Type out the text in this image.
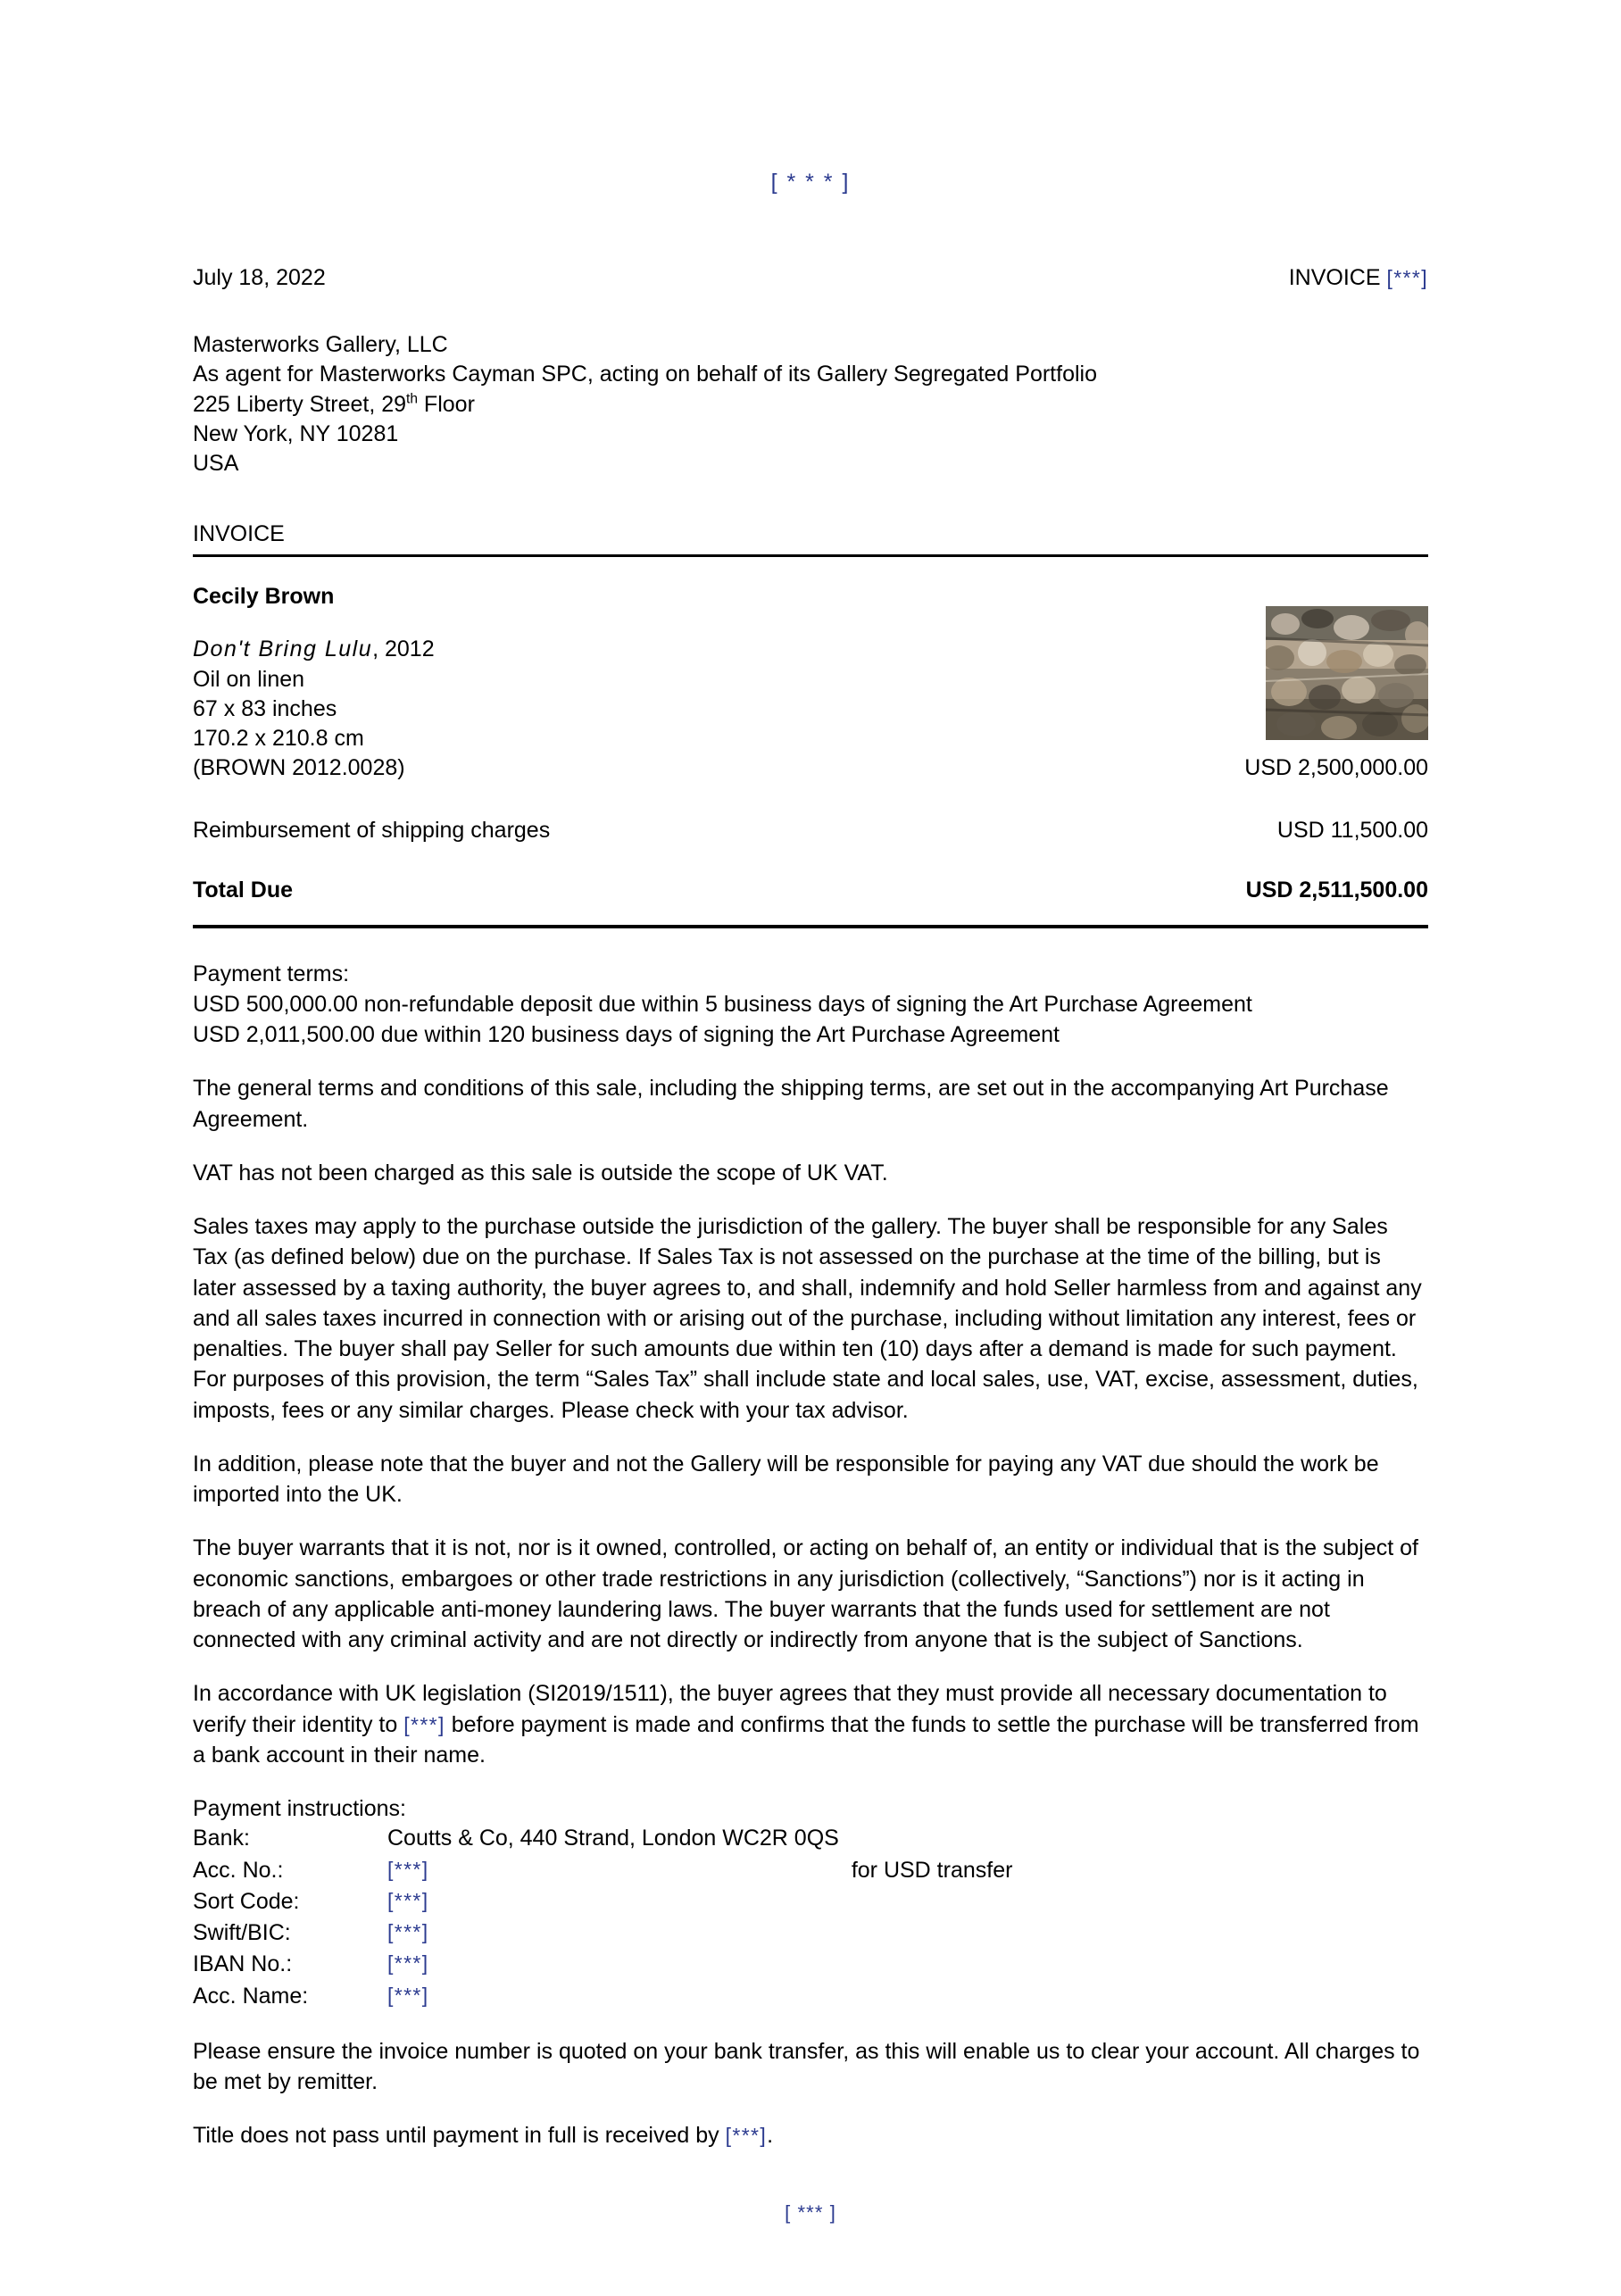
[ * * * ]
July 18, 2022	INVOICE [***]
Masterworks Gallery, LLC
As agent for Masterworks Cayman SPC, acting on behalf of its Gallery Segregated Portfolio
225 Liberty Street, 29th Floor
New York, NY 10281
USA
INVOICE
Cecily Brown
Don't Bring Lulu, 2012
Oil on linen
67 x 83 inches
170.2 x 210.8 cm
(BROWN 2012.0028)	USD 2,500,000.00
Reimbursement of shipping charges	USD 11,500.00
Total Due	USD 2,511,500.00

Payment terms:
USD 500,000.00 non-refundable deposit due within 5 business days of signing the Art Purchase Agreement
USD 2,011,500.00 due within 120 business days of signing the Art Purchase Agreement

The general terms and conditions of this sale, including the shipping terms, are set out in the accompanying Art Purchase Agreement.

VAT has not been charged as this sale is outside the scope of UK VAT.

Sales taxes may apply to the purchase outside the jurisdiction of the gallery. The buyer shall be responsible for any Sales Tax (as defined below) due on the purchase. If Sales Tax is not assessed on the purchase at the time of the billing, but is later assessed by a taxing authority, the buyer agrees to, and shall, indemnify and hold Seller harmless from and against any and all sales taxes incurred in connection with or arising out of the purchase, including without limitation any interest, fees or penalties. The buyer shall pay Seller for such amounts due within ten (10) days after a demand is made for such payment. For purposes of this provision, the term “Sales Tax” shall include state and local sales, use, VAT, excise, assessment, duties, imposts, fees or any similar charges. Please check with your tax advisor.

In addition, please note that the buyer and not the Gallery will be responsible for paying any VAT due should the work be imported into the UK.

The buyer warrants that it is not, nor is it owned, controlled, or acting on behalf of, an entity or individual that is the subject of economic sanctions, embargoes or other trade restrictions in any jurisdiction (collectively, “Sanctions”) nor is it acting in breach of any applicable anti-money laundering laws. The buyer warrants that the funds used for settlement are not connected with any criminal activity and are not directly or indirectly from anyone that is the subject of Sanctions.

In accordance with UK legislation (SI2019/1511), the buyer agrees that they must provide all necessary documentation to verify their identity to [***] before payment is made and confirms that the funds to settle the purchase will be transferred from a bank account in their name.

Payment instructions:

Bank:	Coutts & Co, 440 Strand, London WC2R 0QS	
Acc. No.:	[***]	for USD transfer
Sort Code:	[***]	
Swift/BIC:	[***]	
IBAN No.:	[***]	
Acc. Name:	[***]	

Please ensure the invoice number is quoted on your bank transfer, as this will enable us to clear your account. All charges to be met by remitter.

Title does not pass until payment in full is received by [***].

[ *** ]
